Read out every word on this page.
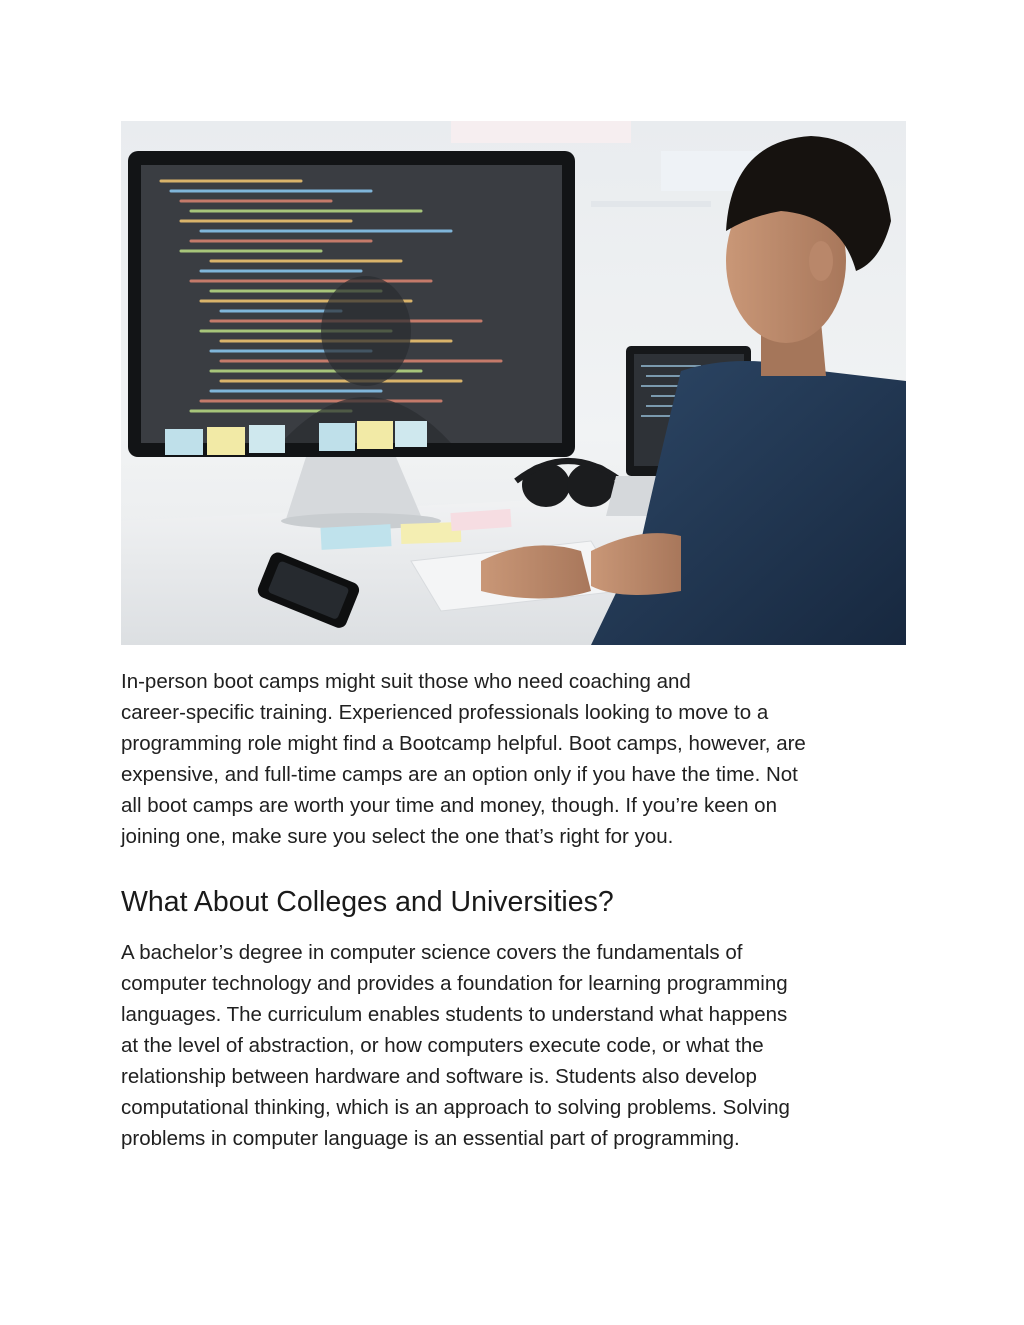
In-person boot camps might suit those who need coaching and
career-specific training. Experienced professionals looking to move to a
programming role might find a Bootcamp helpful. Boot camps, however, are
expensive, and full-time camps are an option only if you have the time. Not
all boot camps are worth your time and money, though. If you’re keen on
joining one, make sure you select the one that’s right for you.

What About Colleges and Universities?

A bachelor’s degree in computer science covers the fundamentals of
computer technology and provides a foundation for learning programming
languages. The curriculum enables students to understand what happens
at the level of abstraction, or how computers execute code, or what the
relationship between hardware and software is. Students also develop
computational thinking, which is an approach to solving problems. Solving
problems in computer language is an essential part of programming.
